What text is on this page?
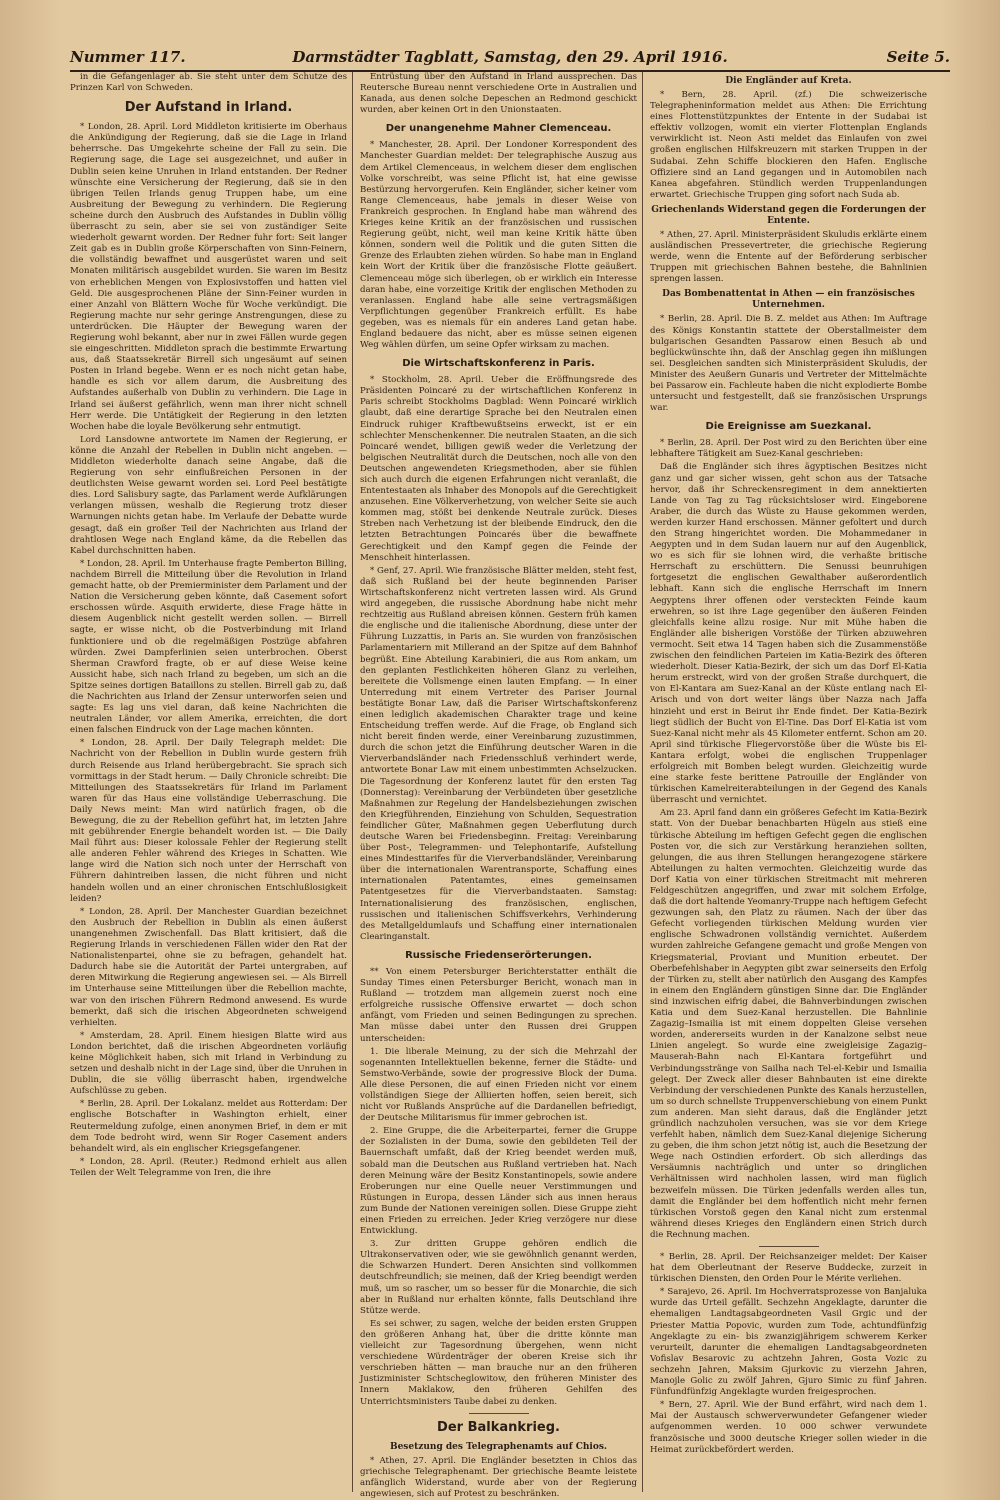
Nummer 117.	Darmstädter Tagblatt, Samstag, den 29. April 1916.	Seite 5.

in die Gefangenlager ab. Sie steht unter dem Schutze des Prinzen Karl von Schweden.

Der Aufstand in Irland.

* London, 28. April. Lord Middleton kritisierte im Oberhaus die Ankündigung der Regierung, daß sie die Lage in Irland beherrsche. Das Umgekehrte scheine der Fall zu sein. Die Regierung sage, die Lage sei ausgezeichnet, und außer in Dublin seien keine Unruhen in Irland entstanden. Der Redner wünschte eine Versicherung der Regierung, daß sie in den übrigen Teilen Irlands genug Truppen habe, um eine Ausbreitung der Bewegung zu verhindern. Die Regierung scheine durch den Ausbruch des Aufstandes in Dublin völlig überrascht zu sein, aber sie sei von zuständiger Seite wiederholt gewarnt worden. Der Redner fuhr fort: Seit langer Zeit gab es in Dublin große Körperschaften von Sinn-Feinern, die vollständig bewaffnet und ausgerüstet waren und seit Monaten militärisch ausgebildet wurden. Sie waren im Besitz von erheblichen Mengen von Explosivstoffen und hatten viel Geld. Die ausgesprochenen Pläne der Sinn-Feiner wurden in einer Anzahl von Blättern Woche für Woche verkündigt. Die Regierung machte nur sehr geringe Anstrengungen, diese zu unterdrücken. Die Häupter der Bewegung waren der Regierung wohl bekannt, aber nur in zwei Fällen wurde gegen sie eingeschritten. Middleton sprach die bestimmte Erwartung aus, daß Staatssekretär Birrell sich ungesäumt auf seinen Posten in Irland begebe. Wenn er es noch nicht getan habe, handle es sich vor allem darum, die Ausbreitung des Aufstandes außerhalb von Dublin zu verhindern. Die Lage in Irland sei äußerst gefährlich, wenn man ihrer nicht schnell Herr werde. Die Untätigkeit der Regierung in den letzten Wochen habe die loyale Bevölkerung sehr entmutigt.

Lord Lansdowne antwortete im Namen der Regierung, er könne die Anzahl der Rebellen in Dublin nicht angeben. — Middleton wiederholte danach seine Angabe, daß die Regierung von sehr einflußreichen Personen in der deutlichsten Weise gewarnt worden sei. Lord Peel bestätigte dies. Lord Salisbury sagte, das Parlament werde Aufklärungen verlangen müssen, weshalb die Regierung trotz dieser Warnungen nichts getan habe. Im Verlaufe der Debatte wurde gesagt, daß ein großer Teil der Nachrichten aus Irland der drahtlosen Wege nach England käme, da die Rebellen das Kabel durchschnitten haben.

* London, 28. April. Im Unterhause fragte Pemberton Billing, nachdem Birrell die Mitteilung über die Revolution in Irland gemacht hatte, ob der Premierminister dem Parlament und der Nation die Versicherung geben könnte, daß Casement sofort erschossen würde. Asquith erwiderte, diese Frage hätte in diesem Augenblick nicht gestellt werden sollen. — Birrell sagte, er wisse nicht, ob die Postverbindung mit Irland funktioniere und ob die regelmäßigen Postzüge abfahren würden. Zwei Dampferlinien seien unterbrochen. Oberst Sherman Crawford fragte, ob er auf diese Weise keine Aussicht habe, sich nach Irland zu begeben, um sich an die Spitze seines dortigen Bataillons zu stellen. Birrell gab zu, daß die Nachrichten aus Irland der Zensur unterworfen seien und sagte: Es lag uns viel daran, daß keine Nachrichten die neutralen Länder, vor allem Amerika, erreichten, die dort einen falschen Eindruck von der Lage machen könnten.

* London, 28. April. Der Daily Telegraph meldet: Die Nachricht von der Rebellion in Dublin wurde gestern früh durch Reisende aus Irland herübergebracht. Sie sprach sich vormittags in der Stadt herum. — Daily Chronicle schreibt: Die Mitteilungen des Staatssekretärs für Irland im Parlament waren für das Haus eine vollständige Ueberraschung. Die Daily News meint: Man wird natürlich fragen, ob die Bewegung, die zu der Rebellion geführt hat, im letzten Jahre mit gebührender Energie behandelt worden ist. — Die Daily Mail führt aus: Dieser kolossale Fehler der Regierung stellt alle anderen Fehler während des Krieges in Schatten. Wie lange wird die Nation sich noch unter der Herrschaft von Führern dahintreiben lassen, die nicht führen und nicht handeln wollen und an einer chronischen Entschlußlosigkeit leiden?

* London, 28. April. Der Manchester Guardian bezeichnet den Ausbruch der Rebellion in Dublin als einen äußerst unangenehmen Zwischenfall. Das Blatt kritisiert, daß die Regierung Irlands in verschiedenen Fällen wider den Rat der Nationalistenpartei, ohne sie zu befragen, gehandelt hat. Dadurch habe sie die Autorität der Partei untergraben, auf deren Mitwirkung die Regierung angewiesen sei. — Als Birrell im Unterhause seine Mitteilungen über die Rebellion machte, war von den irischen Führern Redmond anwesend. Es wurde bemerkt, daß sich die irischen Abgeordneten schweigend verhielten.

* Amsterdam, 28. April. Einem hiesigen Blatte wird aus London berichtet, daß die irischen Abgeordneten vorläufig keine Möglichkeit haben, sich mit Irland in Verbindung zu setzen und deshalb nicht in der Lage sind, über die Unruhen in Dublin, die sie völlig überrascht haben, irgendwelche Aufschlüsse zu geben.

* Berlin, 28. April. Der Lokalanz. meldet aus Rotterdam: Der englische Botschafter in Washington erhielt, einer Reutermeldung zufolge, einen anonymen Brief, in dem er mit dem Tode bedroht wird, wenn Sir Roger Casement anders behandelt wird, als ein englischer Kriegsgefangener.

* London, 28. April. (Reuter.) Redmond erhielt aus allen Teilen der Welt Telegramme von Iren, die ihre

Entrüstung über den Aufstand in Irland aussprechen. Das Reutersche Bureau nennt verschiedene Orte in Australien und Kanada, aus denen solche Depeschen an Redmond geschickt wurden, aber keinen Ort in den Unionstaaten.

Der unangenehme Mahner Clemenceau.

* Manchester, 28. April. Der Londoner Korrespondent des Manchester Guardian meldet: Der telegraphische Auszug aus dem Artikel Clemenceaus, in welchem dieser dem englischen Volke vorschreibt, was seine Pflicht ist, hat eine gewisse Bestürzung hervorgerufen. Kein Engländer, sicher keiner vom Range Clemenceaus, habe jemals in dieser Weise von Frankreich gesprochen. In England habe man während des Krieges keine Kritik an der französischen und russischen Regierung geübt, nicht, weil man keine Kritik hätte üben können, sondern weil die Politik und die guten Sitten die Grenze des Erlaubten ziehen würden. So habe man in England kein Wort der Kritik über die französische Flotte geäußert. Clemenceau möge sich überlegen, ob er wirklich ein Interesse daran habe, eine vorzeitige Kritik der englischen Methoden zu veranlassen. England habe alle seine vertragsmäßigen Verpflichtungen gegenüber Frankreich erfüllt. Es habe gegeben, was es niemals für ein anderes Land getan habe. England bedauere das nicht, aber es müsse seinen eigenen Weg wählen dürfen, um seine Opfer wirksam zu machen.

Die Wirtschaftskonferenz in Paris.

* Stockholm, 28. April. Ueber die Eröffnungsrede des Präsidenten Poincaré zu der wirtschaftlichen Konferenz in Paris schreibt Stockholms Dagblad: Wenn Poincaré wirklich glaubt, daß eine derartige Sprache bei den Neutralen einen Eindruck ruhiger Kraftbewußtseins erweckt, ist er ein schlechter Menschenkenner. Die neutralen Staaten, an die sich Poincaré wendet, billigen gewiß weder die Verletzung der belgischen Neutralität durch die Deutschen, noch alle von den Deutschen angewendeten Kriegsmethoden, aber sie fühlen sich auch durch die eigenen Erfahrungen nicht veranlaßt, die Ententestaaten als Inhaber des Monopols auf die Gerechtigkeit anzusehen. Eine Völkerverhetzung, von welcher Seite sie auch kommen mag, stößt bei denkende Neutrale zurück. Dieses Streben nach Verhetzung ist der bleibende Eindruck, den die letzten Betrachtungen Poincarés über die bewaffnete Gerechtigkeit und den Kampf gegen die Feinde der Menschheit hinterlassen.

* Genf, 27. April. Wie französische Blätter melden, steht fest, daß sich Rußland bei der heute beginnenden Pariser Wirtschaftskonferenz nicht vertreten lassen wird. Als Grund wird angegeben, die russische Abordnung habe nicht mehr rechtzeitig aus Rußland abreisen können. Gestern früh kamen die englische und die italienische Abordnung, diese unter der Führung Luzzattis, in Paris an. Sie wurden von französischen Parlamentariern mit Millerand an der Spitze auf dem Bahnhof begrüßt. Eine Abteilung Karabinieri, die aus Rom ankam, um den geplanten Festlichkeiten höheren Glanz zu verleihen, bereitete die Vollsmenge einen lauten Empfang. — In einer Unterredung mit einem Vertreter des Pariser Journal bestätigte Bonar Law, daß die Pariser Wirtschaftskonferenz einen lediglich akademischen Charakter trage und keine Entscheidung treffen werde. Auf die Frage, ob England sich nicht bereit finden werde, einer Vereinbarung zuzustimmen, durch die schon jetzt die Einführung deutscher Waren in die Vierverbandsländer nach Friedensschluß verhindert werde, antwortete Bonar Law mit einem unbestimmten Achselzucken. Die Tagesordnung der Konferenz lautet für den ersten Tag (Donnerstag): Vereinbarung der Verbündeten über gesetzliche Maßnahmen zur Regelung der Handelsbeziehungen zwischen den Kriegführenden, Einziehung von Schulden, Sequestration feindlicher Güter, Maßnahmen gegen Ueberflutung durch deutsche Waren bei Friedensbeginn. Freitag: Vereinbarung über Post-, Telegrammen- und Telephontarife, Aufstellung eines Mindesttarifes für die Vierverbandsländer, Vereinbarung über die internationalen Warentransporte, Schaffung eines internationalen Patentamtes, eines gemeinsamen Patentgesetzes für die Vierverbandstaaten. Samstag: Internationalisierung des französischen, englischen, russischen und italienischen Schiffsverkehrs, Verhinderung des Metallgeldumlaufs und Schaffung einer internationalen Clearinganstalt.

Russische Friedenserörterungen.

** Von einem Petersburger Berichterstatter enthält die Sunday Times einen Petersburger Bericht, wonach man in Rußland — trotzdem man allgemein zuerst noch eine erfolgreiche russische Offensive erwartet — doch schon anfängt, vom Frieden und seinen Bedingungen zu sprechen. Man müsse dabei unter den Russen drei Gruppen unterscheiden:

1. Die liberale Meinung, zu der sich die Mehrzahl der sogenannten Intellektuellen bekenne, ferner die Städte- und Semstwo-Verbände, sowie der progressive Block der Duma. Alle diese Personen, die auf einen Frieden nicht vor einem vollständigen Siege der Alliierten hoffen, seien bereit, sich nicht vor Rußlands Ansprüche auf die Dardanellen befriedigt, der Deutsche Militarismus für immer gebrochen ist.

2. Eine Gruppe, die die Arbeiterpartei, ferner die Gruppe der Sozialisten in der Duma, sowie den gebildeten Teil der Bauernschaft umfaßt, daß der Krieg beendet werden muß, sobald man die Deutschen aus Rußland vertrieben hat. Nach deren Meinung wäre der Besitz Konstantinopels, sowie andere Eroberungen nur eine Quelle neuer Verstimmungen und Rüstungen in Europa, dessen Länder sich aus innen heraus zum Bunde der Nationen vereinigen sollen. Diese Gruppe zieht einen Frieden zu erreichen. Jeder Krieg verzögere nur diese Entwicklung.

3. Zur dritten Gruppe gehören endlich die Ultrakonservativen oder, wie sie gewöhnlich genannt werden, die Schwarzen Hundert. Deren Ansichten sind vollkommen deutschfreundlich; sie meinen, daß der Krieg beendigt werden muß, um so rascher, um so besser für die Monarchie, die sich aber in Rußland nur erhalten könnte, falls Deutschland ihre Stütze werde.

Es sei schwer, zu sagen, welche der beiden ersten Gruppen den größeren Anhang hat, über die dritte könnte man vielleicht zur Tagesordnung übergehen, wenn nicht verschiedene Würdenträger der oberen Kreise sich ihr verschrieben hätten — man brauche nur an den früheren Justizminister Schtscheglowitow, den früheren Minister des Innern Maklakow, den früheren Gehilfen des Unterrichtsministers Taube dabei zu denken.

Der Balkankrieg.
Besetzung des Telegraphenamts auf Chios.

* Athen, 27. April. Die Engländer besetzten in Chios das griechische Telegraphenamt. Der griechische Beamte leistete anfänglich Widerstand, wurde aber von der Regierung angewiesen, sich auf Protest zu beschränken.

Die Engländer auf Kreta.

* Bern, 28. April. (zf.) Die schweizerische Telegrapheninformation meldet aus Athen: Die Errichtung eines Flottenstützpunktes der Entente in der Sudabai ist effektiv vollzogen, womit ein vierter Flottenplan Englands verwirklicht ist. Neon Asti meldet das Einlaufen von zwei großen englischen Hilfskreuzern mit starken Truppen in der Sudabai. Zehn Schiffe blockieren den Hafen. Englische Offiziere sind an Land gegangen und in Automobilen nach Kanea abgefahren. Stündlich werden Truppenlandungen erwartet. Griechische Truppen ging sofort nach Suda ab.

Griechenlands Widerstand gegen die Forderungen der Entente.

* Athen, 27. April. Ministerpräsident Skuludis erklärte einem ausländischen Pressevertreter, die griechische Regierung werde, wenn die Entente auf der Beförderung serbischer Truppen mit griechischen Bahnen bestehe, die Bahnlinien sprengen lassen.

Das Bombenattentat in Athen — ein französisches Unternehmen.

* Berlin, 28. April. Die B. Z. meldet aus Athen: Im Auftrage des Königs Konstantin stattete der Oberstallmeister dem bulgarischen Gesandten Passarow einen Besuch ab und beglückwünschte ihn, daß der Anschlag gegen ihn mißlungen sei. Desgleichen sandten sich Ministerpräsident Skuludis, der Minister des Aeußern Gunaris und Vertreter der Mittelmächte bei Passarow ein. Fachleute haben die nicht explodierte Bombe untersucht und festgestellt, daß sie französischen Ursprungs war.

Die Ereignisse am Suezkanal.

* Berlin, 28. April. Der Post wird zu den Berichten über eine lebhaftere Tätigkeit am Suez-Kanal geschrieben:

Daß die Engländer sich ihres ägyptischen Besitzes nicht ganz und gar sicher wissen, geht schon aus der Tatsache hervor, daß ihr Schreckensregiment in dem annektierten Lande von Tag zu Tag rücksichtsloser wird. Eingeborene Araber, die durch das Wüste zu Hause gekommen werden, werden kurzer Hand erschossen. Männer gefoltert und durch den Strang hingerichtet worden. Die Mohammedaner in Aegypten und in dem Sudan lauern nur auf den Augenblick, wo es sich für sie lohnen wird, die verhaßte britische Herrschaft zu erschüttern. Die Senussi beunruhigen fortgesetzt die englischen Gewalthaber außerordentlich lebhaft. Kann sich die englische Herrschaft im Innern Aegyptens ihrer offenen oder versteckten Feinde kaum erwehren, so ist ihre Lage gegenüber den äußeren Feinden gleichfalls keine allzu rosige. Nur mit Mühe haben die Engländer alle bisherigen Vorstöße der Türken abzuwehren vermocht. Seit etwa 14 Tagen haben sich die Zusammenstöße zwischen den feindlichen Parteien im Katia-Bezirk des öfteren wiederholt. Dieser Katia-Bezirk, der sich um das Dorf El-Katia herum erstreckt, wird von der großen Straße durchquert, die von El-Kantara am Suez-Kanal an der Küste entlang nach El-Arisch und von dort weiter längs über Nazza nach Jaffa hinzieht und erst in Beirut ihr Ende findet. Der Katia-Bezirk liegt südlich der Bucht von El-Tine. Das Dorf El-Katia ist vom Suez-Kanal nicht mehr als 45 Kilometer entfernt. Schon am 20. April sind türkische Fliegervorstöße über die Wüste bis El-Kantara erfolgt, wobei die englischen Truppenlager erfolgreich mit Bomben belegt wurden. Gleichzeitig wurde eine starke feste berittene Patrouille der Engländer von türkischen Kamelreiterabteilungen in der Gegend des Kanals überrascht und vernichtet.

Am 23. April fand dann ein größeres Gefecht im Katia-Bezirk statt. Von der Duebar benachbarten Hügeln aus stieß eine türkische Abteilung im heftigen Gefecht gegen die englischen Posten vor, die sich zur Verstärkung heranziehen sollten, gelungen, die aus ihren Stellungen herangezogene stärkere Abteilungen zu halten vermochten. Gleichzeitig wurde das Dorf Katia von einer türkischen Streitmacht mit mehreren Feldgeschützen angegriffen, und zwar mit solchem Erfolge, daß die dort haltende Yeomanry-Truppe nach heftigem Gefecht gezwungen sah, den Platz zu räumen. Nach der über das Gefecht vorliegenden türkischen Meldung wurden vier englische Schwadronen vollständig vernichtet. Außerdem wurden zahlreiche Gefangene gemacht und große Mengen von Kriegsmaterial, Proviant und Munition erbeutet. Der Oberbefehlshaber in Aegypten gibt zwar seinerseits den Erfolg der Türken zu, stellt aber natürlich den Ausgang des Kampfes in einem den Engländern günstigen Sinne dar. Die Engländer sind inzwischen eifrig dabei, die Bahnverbindungen zwischen Katia und dem Suez-Kanal herzustellen. Die Bahnlinie Zagazig–Ismailia ist mit einem doppelten Gleise versehen worden, andererseits wurden in der Kanalzone selbst neue Linien angelegt. So wurde eine zweigleisige Zagazig–Mauserah-Bahn nach El-Kantara fortgeführt und Verbindungsstränge von Sailha nach Tel-el-Kebir und Ismailia gelegt. Der Zweck aller dieser Bahnbauten ist eine direkte Verbindung der verschiedenen Punkte des Kanals herzustellen, um so durch schnellste Truppenverschiebung von einem Punkt zum anderen. Man sieht daraus, daß die Engländer jetzt gründlich nachzuholen versuchen, was sie vor dem Kriege verfehlt haben, nämlich dem Suez-Kanal diejenige Sicherung zu geben, die ihm schon jetzt nötig ist, auch die Besetzung der Wege nach Ostindien erfordert. Ob sich allerdings das Versäumnis nachträglich und unter so dringlichen Verhältnissen wird nachholen lassen, wird man füglich bezweifeln müssen. Die Türken jedenfalls werden alles tun, damit die Engländer bei dem hoffentlich nicht mehr fernen türkischen Vorstoß gegen den Kanal nicht zum erstenmal während dieses Krieges den Engländern einen Strich durch die Rechnung machen.

* Berlin, 28. April. Der Reichsanzeiger meldet: Der Kaiser hat dem Oberleutnant der Reserve Buddecke, zurzeit in türkischen Diensten, den Orden Pour le Mérite verliehen.

* Sarajevo, 26. April. Im Hochverratsprozesse von Banjaluka wurde das Urteil gefällt. Sechzehn Angeklagte, darunter die ehemaligen Landtagsabgeordneten Vasil Grgic und der Priester Mattia Popovic, wurden zum Tode, achtundfünfzig Angeklagte zu ein- bis zwanzigjährigem schwerem Kerker verurteilt, darunter die ehemaligen Landtagsabgeordneten Vofislav Besarovic zu achtzehn Jahren, Gosta Vozic zu sechzehn Jahren, Maksim Gjurkovic zu vierzehn Jahren, Manojle Golic zu zwölf Jahren, Gjuro Simic zu fünf Jahren. Fünfundfünfzig Angeklagte wurden freigesprochen.

* Bern, 27. April. Wie der Bund erfährt, wird nach dem 1. Mai der Austausch schwerverwundeter Gefangener wieder aufgenommen werden. 10 000 schwer verwundete französische und 3000 deutsche Krieger sollen wieder in die Heimat zurückbefördert werden.
